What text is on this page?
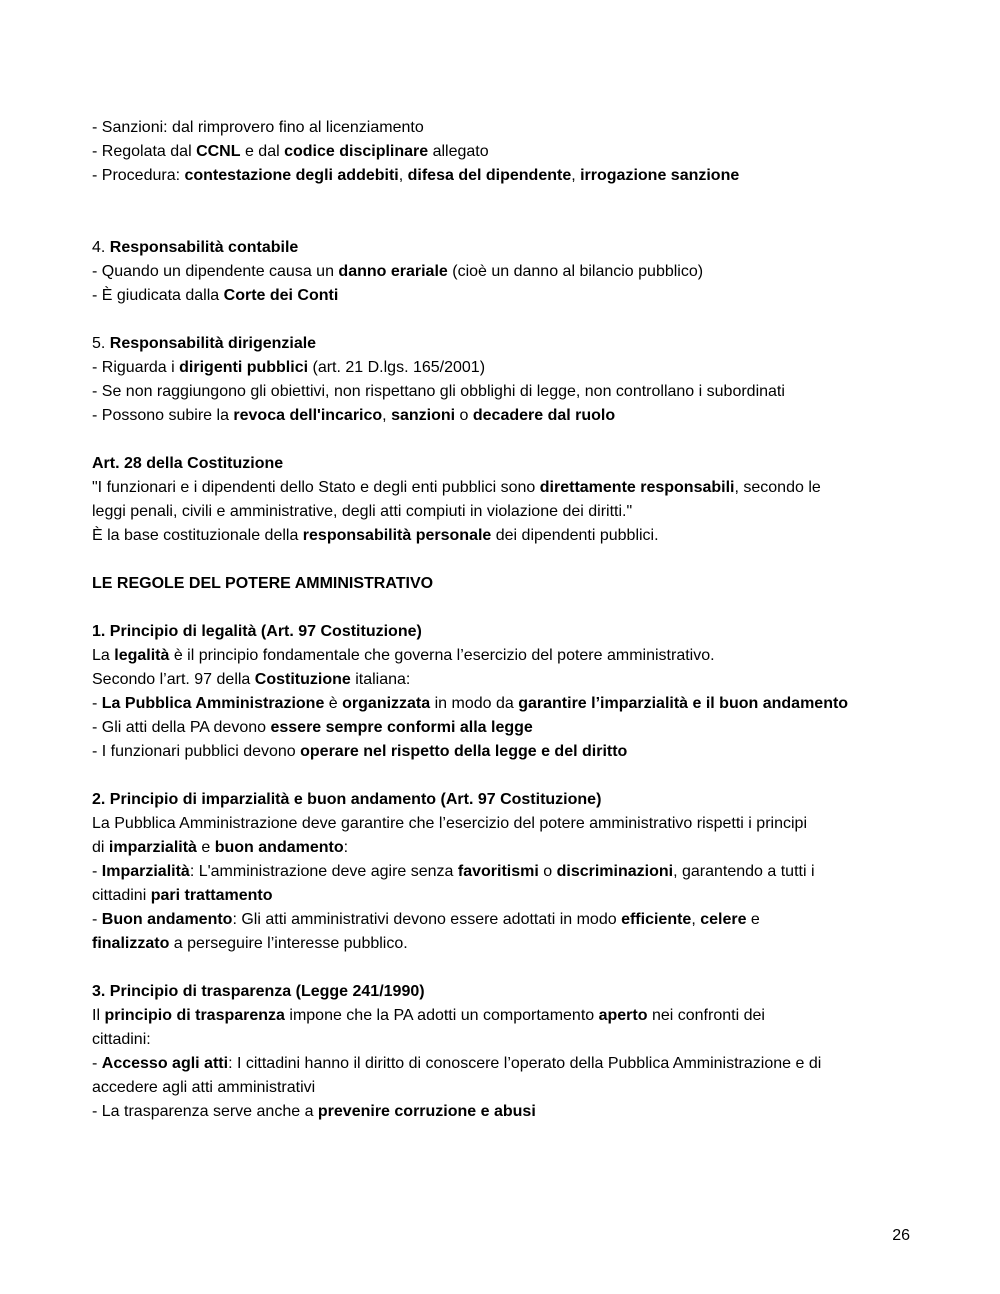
- Sanzioni: dal rimprovero fino al licenziamento
- Regolata dal CCNL e dal codice disciplinare allegato
- Procedura: contestazione degli addebiti, difesa del dipendente, irrogazione sanzione
4. Responsabilità contabile
- Quando un dipendente causa un danno erariale (cioè un danno al bilancio pubblico)
- È giudicata dalla Corte dei Conti
5. Responsabilità dirigenziale
- Riguarda i dirigenti pubblici (art. 21 D.lgs. 165/2001)
- Se non raggiungono gli obiettivi, non rispettano gli obblighi di legge, non controllano i subordinati
- Possono subire la revoca dell'incarico, sanzioni o decadere dal ruolo
Art. 28 della Costituzione
"I funzionari e i dipendenti dello Stato e degli enti pubblici sono direttamente responsabili, secondo le
leggi penali, civili e amministrative, degli atti compiuti in violazione dei diritti."
È la base costituzionale della responsabilità personale dei dipendenti pubblici.
LE REGOLE DEL POTERE AMMINISTRATIVO
1. Principio di legalità (Art. 97 Costituzione)
La legalità è il principio fondamentale che governa l’esercizio del potere amministrativo.
Secondo l’art. 97 della Costituzione italiana:
- La Pubblica Amministrazione è organizzata in modo da garantire l’imparzialità e il buon andamento
- Gli atti della PA devono essere sempre conformi alla legge
- I funzionari pubblici devono operare nel rispetto della legge e del diritto
2. Principio di imparzialità e buon andamento (Art. 97 Costituzione)
La Pubblica Amministrazione deve garantire che l’esercizio del potere amministrativo rispetti i principi
di imparzialità e buon andamento:
- Imparzialità: L'amministrazione deve agire senza favoritismi o discriminazioni, garantendo a tutti i
cittadini pari trattamento
- Buon andamento: Gli atti amministrativi devono essere adottati in modo efficiente, celere e
finalizzato a perseguire l’interesse pubblico.
3. Principio di trasparenza (Legge 241/1990)
Il principio di trasparenza impone che la PA adotti un comportamento aperto nei confronti dei
cittadini:
- Accesso agli atti: I cittadini hanno il diritto di conoscere l’operato della Pubblica Amministrazione e di
accedere agli atti amministrativi
- La trasparenza serve anche a prevenire corruzione e abusi
26
